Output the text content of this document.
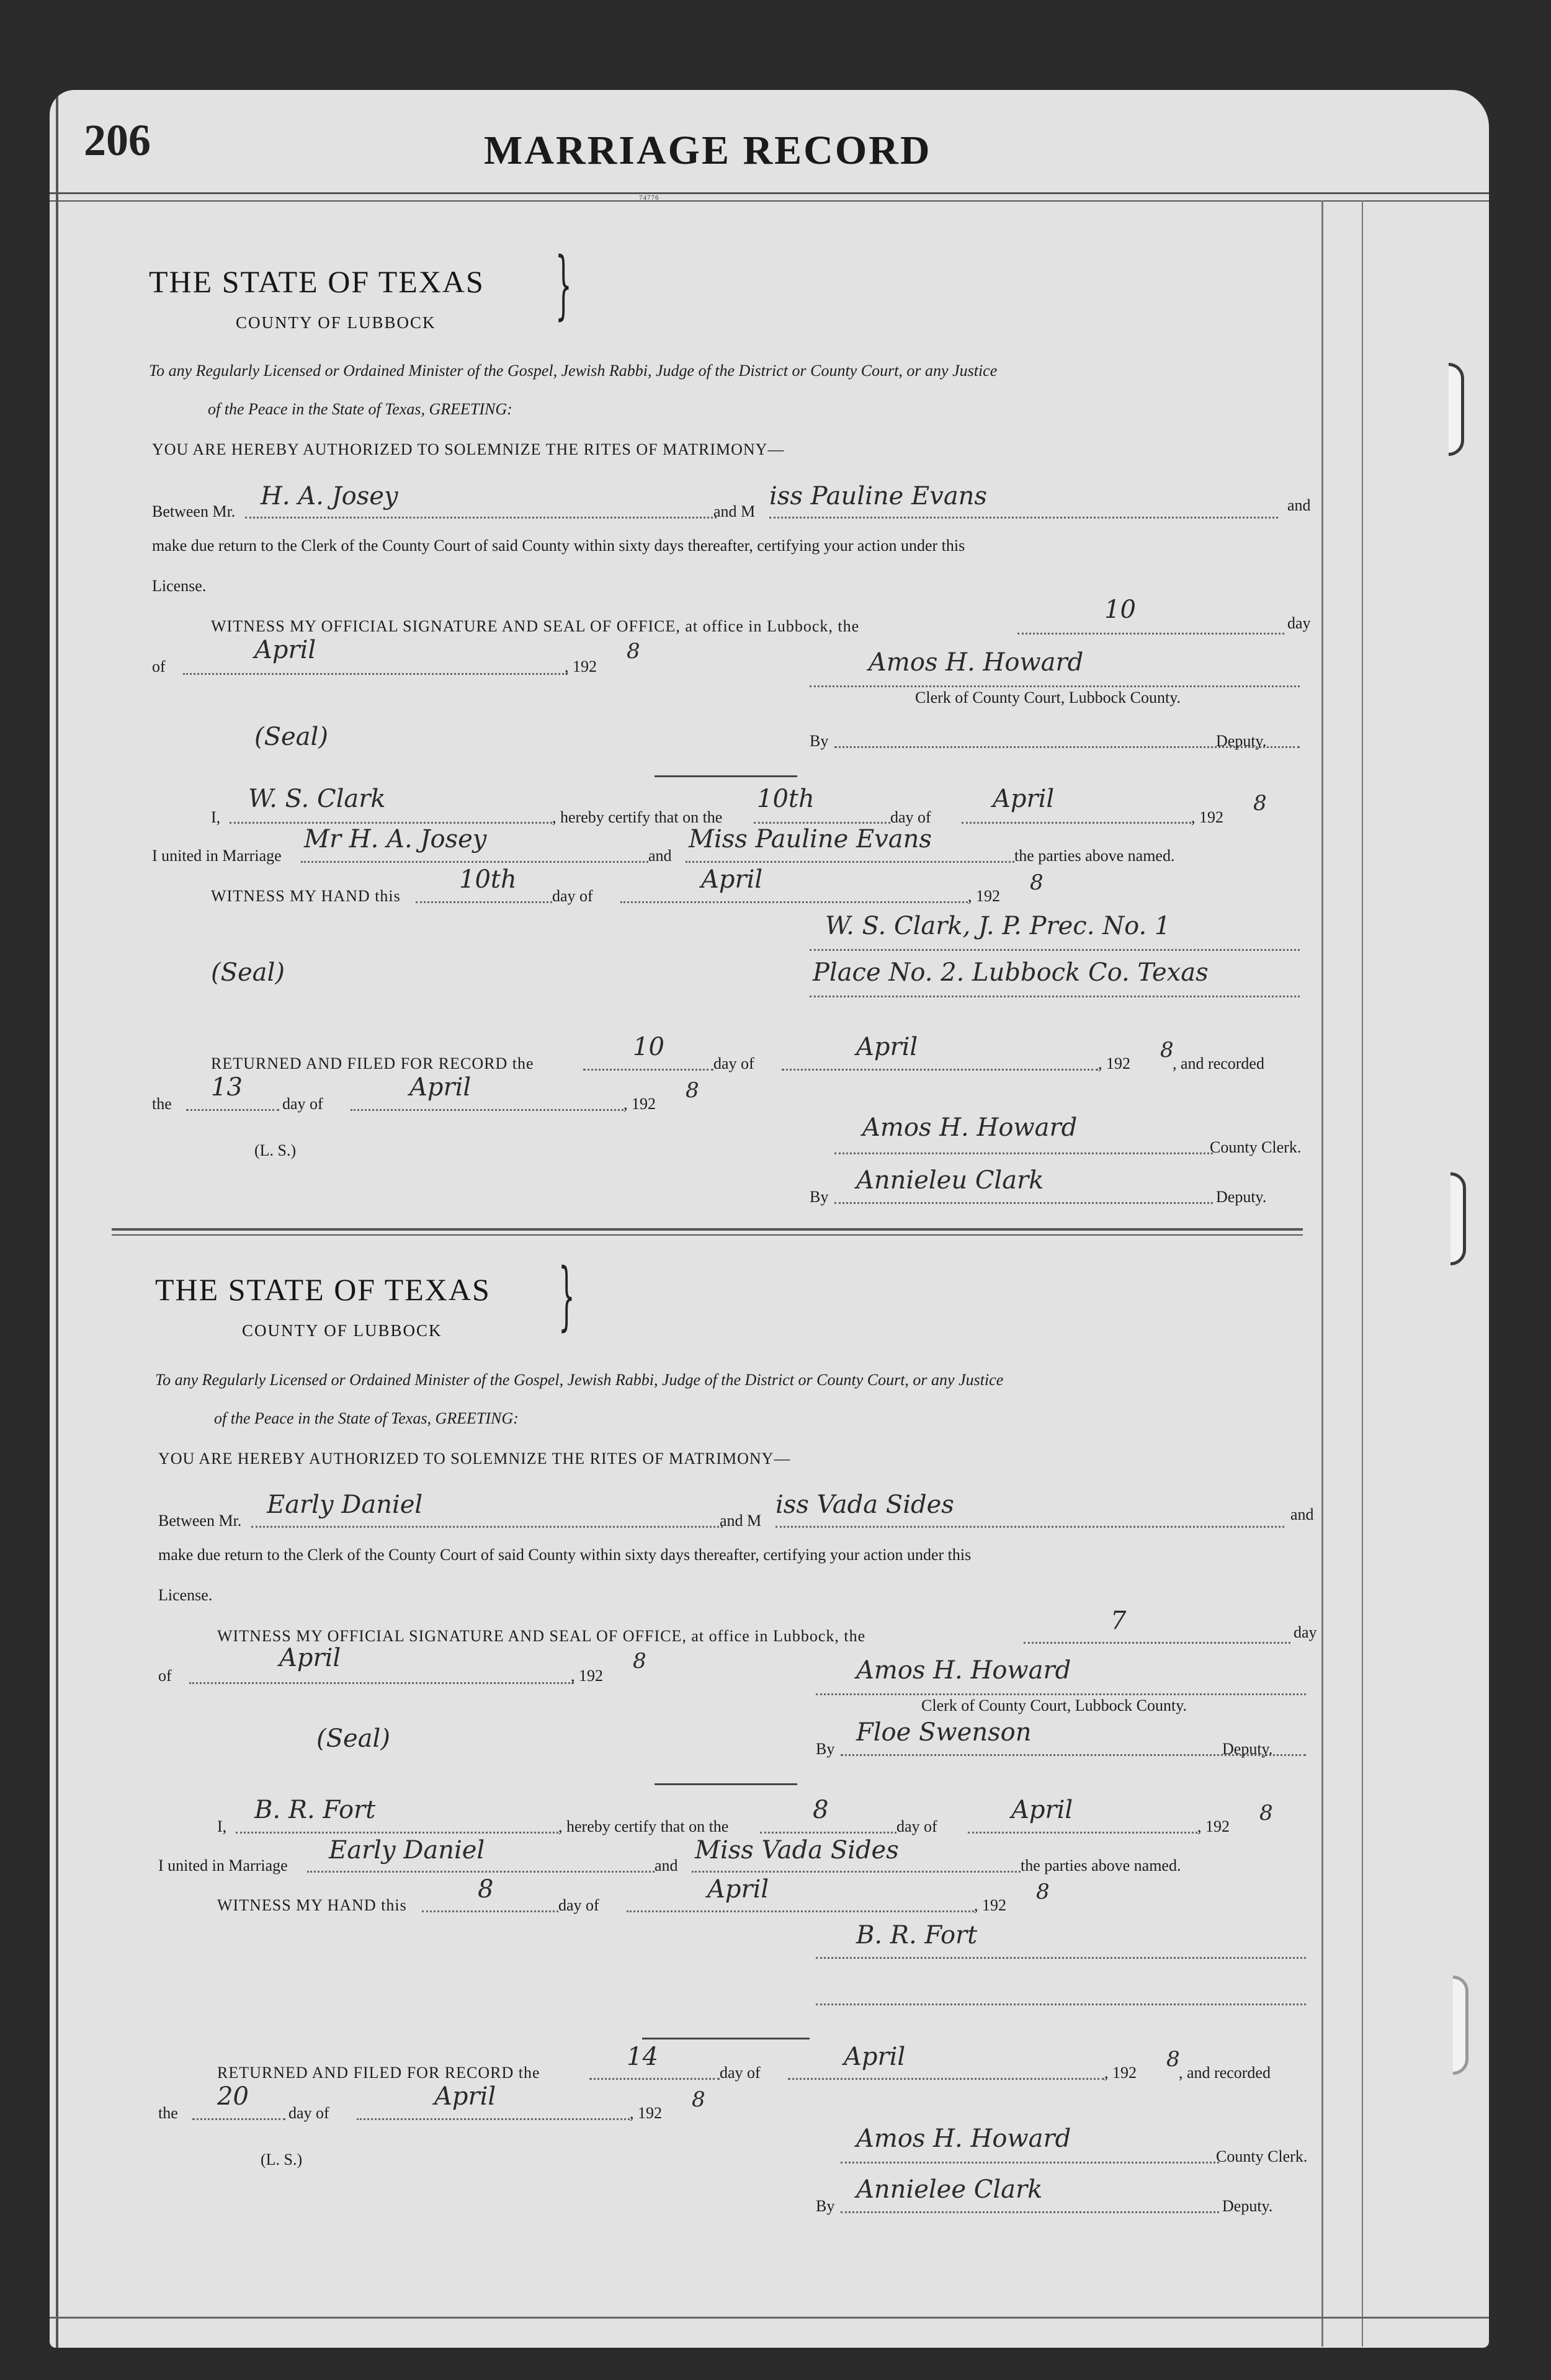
206	MARRIAGE RECORD
74776
THE STATE OF TEXAS }
COUNTY OF LUBBOCK
To any Regularly Licensed or Ordained Minister of the Gospel, Jewish Rabbi, Judge of the District or County Court, or any Justice
of the Peace in the State of Texas, GREETING:
YOU ARE HEREBY AUTHORIZED TO SOLEMNIZE THE RITES OF MATRIMONY—
Between Mr.
H. A. Josey
and M
iss Pauline Evans	and
make due return to the Clerk of the County Court of said County within sixty days thereafter, certifying your action under this
License.
WITNESS MY OFFICIAL SIGNATURE AND SEAL OF OFFICE, at office in Lubbock, the
10	day
of
April
, 192
8	Amos H. Howard
Clerk of County Court, Lubbock County.
(Seal)	By	Deputy.
I,
W. S. Clark
, hereby certify that on the
10th
day of
April
, 192
8
I united in Marriage
Mr H. A. Josey
and
Miss Pauline Evans
the parties above named.
WITNESS MY HAND this
10th
day of
April
, 192
8
W. S. Clark, J. P. Prec. No. 1
Place No. 2. Lubbock Co. Texas
(Seal)
RETURNED AND FILED FOR RECORD the
10
day of
April
, 192
8
, and recorded
the
13
day of
April
, 192
8
(L. S.)
Amos H. Howard
County Clerk.
By
Annieleu Clark
Deputy.
THE STATE OF TEXAS }
COUNTY OF LUBBOCK
To any Regularly Licensed or Ordained Minister of the Gospel, Jewish Rabbi, Judge of the District or County Court, or any Justice
of the Peace in the State of Texas, GREETING:
YOU ARE HEREBY AUTHORIZED TO SOLEMNIZE THE RITES OF MATRIMONY—
Between Mr.
Early Daniel
and M
iss Vada Sides	and
make due return to the Clerk of the County Court of said County within sixty days thereafter, certifying your action under this
License.
WITNESS MY OFFICIAL SIGNATURE AND SEAL OF OFFICE, at office in Lubbock, the
7	day
of
April
, 192
8	Amos H. Howard
Clerk of County Court, Lubbock County.
(Seal)	By
Floe Swenson
Deputy.
I,
B. R. Fort
, hereby certify that on the
8
day of
April
, 192
8
I united in Marriage
Early Daniel
and
Miss Vada Sides
the parties above named.
WITNESS MY HAND this
8
day of
April
, 192
8
B. R. Fort
RETURNED AND FILED FOR RECORD the
14
day of
April
, 192
8
, and recorded
the
20
day of
April
, 192
8
(L. S.)
Amos H. Howard
County Clerk.
By
Annielee Clark
Deputy.
